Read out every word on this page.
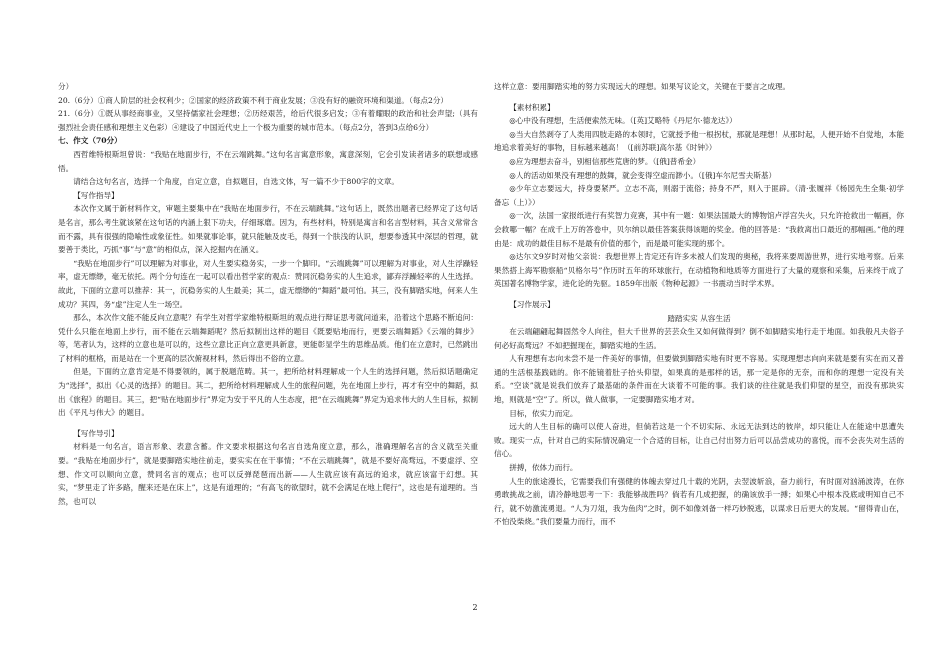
分）

20.（6分）①商人阶层的社会权利少；②国家的经济政策不利于商业发展；③没有好的融资环境和渠道。（每点2分）

21.（6分）①既从事经商事业，又坚持儒家社会理想；②历经艰苦，给后代很多启发；③有着耀眼的政治和社会声望;（具有强烈社会责任感和理想主义色彩）④建设了中国近代史上一个极为重要的城市范本。（每点2分，答到3点给6分）

七、作文（70分）

西哲维特根斯坦曾说：“我贴在地面步行，不在云端跳舞。”这句名言寓意形象，寓意深刻，它会引发读者诸多的联想或感悟。

请结合这句名言，选择一个角度，自定立意，自拟题目，自选文体，写一篇不少于800字的文章。

【写作指导】

本次作文属于新材料作文，审题主要集中在“我贴在地面步行，不在云端跳舞。”这句话上，既然出题者已经界定了这句话是名言，那么考生就该紧在这句话的内涵上狠下功夫，仔细琢磨。因为，有些材料，特别是寓言和名言型材料，其含义常常含而不露，具有很强的隐喻性或象征性。如果就事论事，就只能触及皮毛，得到一个肤浅的认识，想要参透其中深层的哲理，就要善于类比，巧抓“事”与“意”的相似点，深入挖掘内在涵义。

“我贴在地面步行”可以理解为对事业，对人生要实稳务实，一步一个脚印。“云端跳舞”可以理解为对事业，对人生浮躁轻率，虚无缥缈，毫无依托。两个分句连在一起可以看出哲学家的观点：赞同沉稳务实的人生追求，鄙弃浮躁轻率的人生选择。故此，下面的立意可以推荐：其一，沉稳务实的人生最美；其二，虚无缥缈的“舞蹈”最可怕。其三，没有脚踏实地，何来人生成功？其四，务“虚”注定人生一场空。

那么，本次作文能不能反向立意呢？有学生对哲学家维特根斯坦的观点进行辩证思考就问道来，沿着这个思路不断追问：凭什么只能在地面上步行，而不能在云端舞蹈呢？然后拟制出这样的题目《既要贴地而行，更要云端舞蹈》《云端的舞步》等，笔者认为，这样的立意也是可以的，这些立意比正向立意更具新意，更能彰显学生的思维品质。他们在立意时，已然跳出了材料的框格，而是站在一个更高的层次俯视材料，然后得出不俗的立意。

但是，下面的立意肯定是不得要领的，属于脱题范畴。其一，把所给材料理解成一个人生的选择问题，然后拟话题确定为“选择”，拟出《心灵的选择》的题目。其二，把所给材料理解成人生的旅程问题，先在地面上步行，再才有空中的舞蹈，拟出《旅程》的题目。其三，把“贴在地面步行”界定为安于平凡的人生态度，把“在云端跳舞”界定为追求伟大的人生目标，拟制出《平凡与伟大》的题目。

【写作导引】

材料是一句名言，语言形象、表意含蓄。作文要求根据这句名言自选角度立意，那么，准确理解名言的含义就至关重要。“我贴在地面步行”，就是要脚踏实地往前走，要实实在在干事情；“不在云端跳舞”，就是不要好高骛远，不要虚浮、空想、作文可以顺向立意，赞同名言的观点；也可以反弹琵琶而出新——人生就应该有高远的追求，就应该富于幻想。其实，“梦里走了许多路，醒来还是在床上”，这是有道理的；“有高飞的欲望时，就不会满足在地上爬行”，这也是有道理的。当然，也可以

这样立意：要用脚踏实地的努力实现远大的理想。如果写议论文，关键在于要言之成理。

【素材积累】

◎心中没有理想，生活便索然无味。（[英]艾略特《丹尼尔·德龙达》）

◎当大自然剥夺了人类用四肢走路的本领时，它就授予他一根拐杖，那就是理想！从那时起，人便开始不自觉地，本能地追求着美好的事物，目标越来越高！（[前苏联]高尔基《时钟》）

◎应为理想去奋斗，别相信那些荒唐的梦。（[俄]普希金）

◎人的活动如果没有理想的鼓舞，就会变得空虚而渺小。（[俄]车尔尼雪夫斯基）

◎少年立志要远大，持身要紧严。立志不高，则溺于流俗；持身不严，则入于匪辟。（清·张履祥《杨园先生全集·初学备忘（上）》）

◎一次，法国一家报纸进行有奖智力竞赛，其中有一题：如果法国最大的博物馆卢浮宫失火，只允许抢救出一幅画，你会救哪一幅？在成千上万的答卷中，贝尔纳以最佳答案获得该题的奖金。他的回答是：“我救离出口最近的那幅画。”他的理由是：成功的最佳目标不是最有价值的那个，而是最可能实现的那个。

◎达尔文9岁时对他父亲说：我想世界上肯定还有许多未被人们发现的奥秘，我将来要周游世界，进行实地考察。后来果然搭上海军勘察船“贝格尔号”作历时五年的环球旅行，在动植物和地质等方面进行了大量的观察和采集，后来终于成了英国著名博物学家，进化论的先驱。1859年出版《物种起源》一书震动当时学术界。

【习作展示】

踏踏实实 从容生活

在云端翩翩起舞固然令人向往，但大千世界的芸芸众生又如何做得到？倒不如脚踏实地行走于地面。如我般凡夫俗子何必好高骛远？不如把握现在，脚踏实地的生活。

人有理想有志向未尝不是一件美好的事情，但要做到脚踏实地有时更不容易。实现理想志向向来就是要有实在而又普通的生活根基践础的。你不能镜着肚子抬头仰望，如果真的是那样的话，那一定是你的无奈，而和你的理想一定没有关系。“空谈”就是说我们放弃了最基础的条件而在大谈着不可能的事。我们谈的往往就是我们仰望的星空，而没有那块实地，则就是“空”了。所以，做人做事，一定要脚踏实地才对。

目标，依实力而定。

远大的人生目标的确可以使人奋进，但倘若这是一个不切实际、永远无法到达的彼岸，却只能让人在能途中思遭失败。现实一点，针对自己的实际情况确定一个合适的目标，让自己付出努力后可以品尝成功的喜悦，而不会丧失对生活的信心。

拼搏，依体力而行。

人生的旅途漫长，它需要我们有强健的体魄去穿过几十载的光阴，去翌波斩浪，奋力前行，有时面对汹涌波涛，在你勇敢挑战之前，请冷静地思考一下：我能够战胜吗？倘若有几成把握，的确该放手一搏；如果心中根本没底或明知自己不行，就不妨激流勇退。“人为刀俎，我为鱼肉”之时，倒不如像刘备一样巧妙脱逃，以谋求日后更大的发展。“留得青山在，不怕没柴烧。”我们要量力而行，而不

2
